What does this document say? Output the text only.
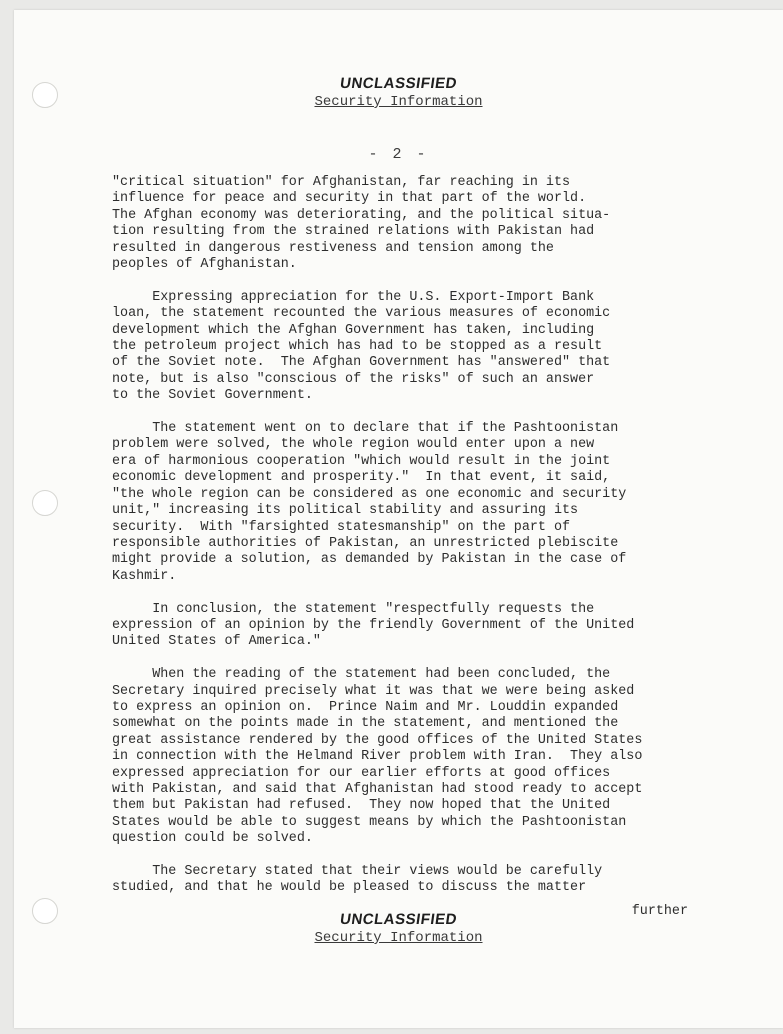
UNCLASSIFIED
Security Information
- 2 -

"critical situation" for Afghanistan, far reaching in its
influence for peace and security in that part of the world.
The Afghan economy was deteriorating, and the political situa-
tion resulting from the strained relations with Pakistan had
resulted in dangerous restiveness and tension among the
peoples of Afghanistan.

Expressing appreciation for the U.S. Export-Import Bank
loan, the statement recounted the various measures of economic
development which the Afghan Government has taken, including
the petroleum project which has had to be stopped as a result
of the Soviet note.  The Afghan Government has "answered" that
note, but is also "conscious of the risks" of such an answer
to the Soviet Government.

The statement went on to declare that if the Pashtoonistan
problem were solved, the whole region would enter upon a new
era of harmonious cooperation "which would result in the joint
economic development and prosperity."  In that event, it said,
"the whole region can be considered as one economic and security
unit," increasing its political stability and assuring its
security.  With "farsighted statesmanship" on the part of
responsible authorities of Pakistan, an unrestricted plebiscite
might provide a solution, as demanded by Pakistan in the case of
Kashmir.

In conclusion, the statement "respectfully requests the
expression of an opinion by the friendly Government of the United
United States of America."

When the reading of the statement had been concluded, the
Secretary inquired precisely what it was that we were being asked
to express an opinion on.  Prince Naim and Mr. Louddin expanded
somewhat on the points made in the statement, and mentioned the
great assistance rendered by the good offices of the United States
in connection with the Helmand River problem with Iran.  They also
expressed appreciation for our earlier efforts at good offices
with Pakistan, and said that Afghanistan had stood ready to accept
them but Pakistan had refused.  They now hoped that the United
States would be able to suggest means by which the Pashtoonistan
question could be solved.

The Secretary stated that their views would be carefully
studied, and that he would be pleased to discuss the matter

further
UNCLASSIFIED
Security Information
